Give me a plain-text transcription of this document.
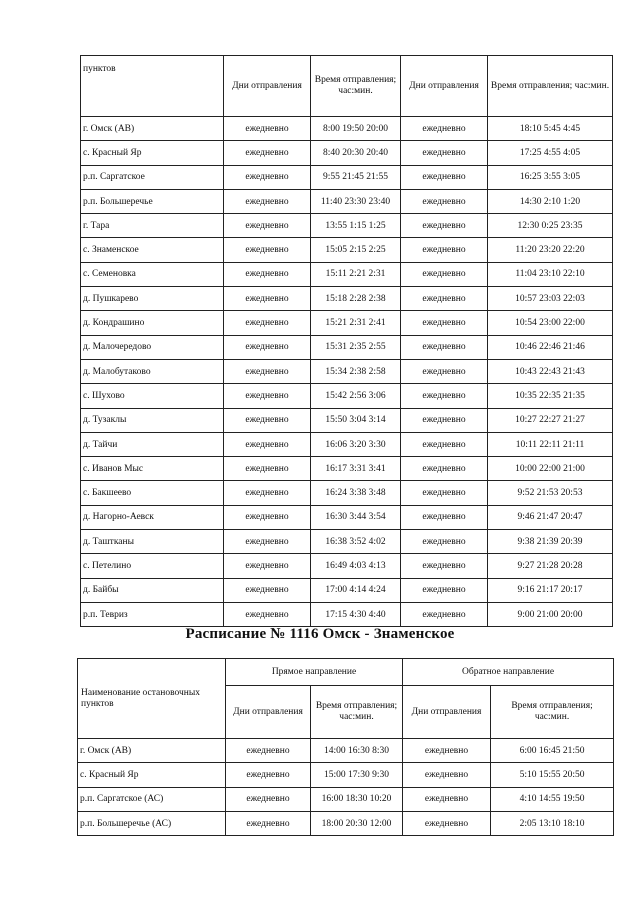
пунктов	Дни отправления	Время отправления; час:мин.	Дни отправления	Время отправления; час:мин.
г. Омск (АВ)	ежедневно	8:00 19:50 20:00	ежедневно	18:10 5:45 4:45
с. Красный Яр	ежедневно	8:40 20:30 20:40	ежедневно	17:25 4:55 4:05
р.п. Саргатское	ежедневно	9:55 21:45 21:55	ежедневно	16:25 3:55 3:05
р.п. Большеречье	ежедневно	11:40 23:30 23:40	ежедневно	14:30 2:10 1:20
г. Тара	ежедневно	13:55 1:15 1:25	ежедневно	12:30 0:25 23:35
с. Знаменское	ежедневно	15:05 2:15 2:25	ежедневно	11:20 23:20 22:20
с. Семеновка	ежедневно	15:11 2:21 2:31	ежедневно	11:04 23:10 22:10
д. Пушкарево	ежедневно	15:18 2:28 2:38	ежедневно	10:57 23:03 22:03
д. Кондрашино	ежедневно	15:21 2:31 2:41	ежедневно	10:54 23:00 22:00
д. Малочередово	ежедневно	15:31 2:35 2:55	ежедневно	10:46 22:46 21:46
д. Малобутаково	ежедневно	15:34 2:38 2:58	ежедневно	10:43 22:43 21:43
с. Шухово	ежедневно	15:42 2:56 3:06	ежедневно	10:35 22:35 21:35
д. Тузаклы	ежедневно	15:50 3:04 3:14	ежедневно	10:27 22:27 21:27
д. Тайчи	ежедневно	16:06 3:20 3:30	ежедневно	10:11 22:11 21:11
с. Иванов Мыс	ежедневно	16:17 3:31 3:41	ежедневно	10:00 22:00 21:00
с. Бакшеево	ежедневно	16:24 3:38 3:48	ежедневно	9:52 21:53 20:53
д. Нагорно-Аевск	ежедневно	16:30 3:44 3:54	ежедневно	9:46 21:47 20:47
д. Таштканы	ежедневно	16:38 3:52 4:02	ежедневно	9:38 21:39 20:39
с. Петелино	ежедневно	16:49 4:03 4:13	ежедневно	9:27 21:28 20:28
д. Байбы	ежедневно	17:00 4:14 4:24	ежедневно	9:16 21:17 20:17
р.п. Тевриз	ежедневно	17:15 4:30 4:40	ежедневно	9:00 21:00 20:00
Расписание № 1116 Омск - Знаменское
Наименование остановочных пунктов	Прямое направление		Обратное направление	
	Дни отправления	Время отправления; час:мин.	Дни отправления	Время отправления; час:мин.
г. Омск (АВ)	ежедневно	14:00 16:30 8:30	ежедневно	6:00 16:45 21:50
с. Красный Яр	ежедневно	15:00 17:30 9:30	ежедневно	5:10 15:55 20:50
р.п. Саргатское (АС)	ежедневно	16:00 18:30 10:20	ежедневно	4:10 14:55 19:50
р.п. Большеречье (АС)	ежедневно	18:00 20:30 12:00	ежедневно	2:05 13:10 18:10
